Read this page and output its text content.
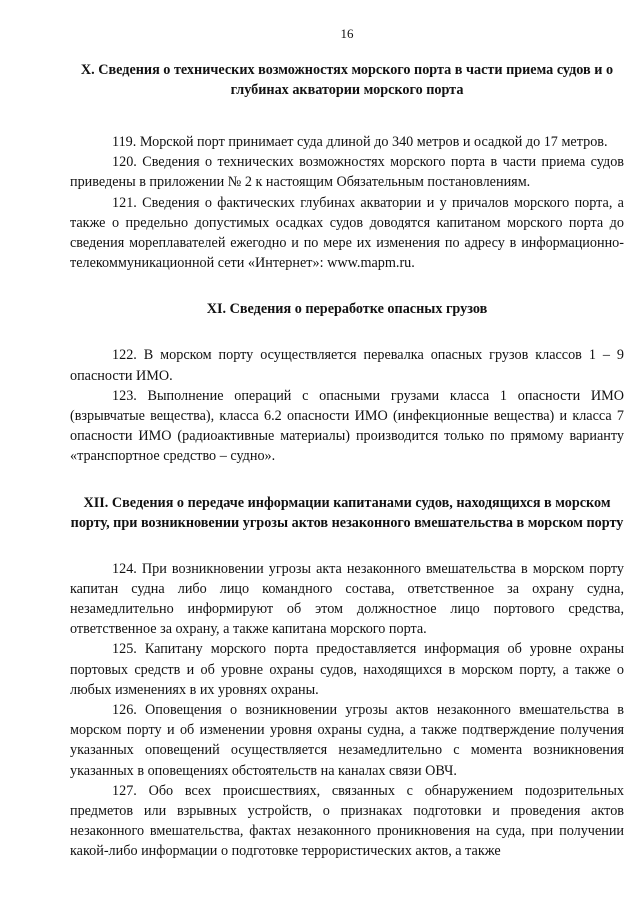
16
X. Сведения о технических возможностях морского порта в части приема судов и о глубинах акватории морского порта

119. Морской порт принимает суда длиной до 340 метров и осадкой до 17 метров.

120. Сведения о технических возможностях морского порта в части приема судов приведены в приложении № 2 к настоящим Обязательным постановлениям.

121. Сведения о фактических глубинах акватории и у причалов морского порта, а также о предельно допустимых осадках судов доводятся капитаном морского порта до сведения мореплавателей ежегодно и по мере их изменения по адресу в информационно-телекоммуникационной сети «Интернет»: www.mapm.ru.

XI. Сведения о переработке опасных грузов

122. В морском порту осуществляется перевалка опасных грузов классов 1 – 9 опасности ИМО.

123. Выполнение операций с опасными грузами класса 1 опасности ИМО (взрывчатые вещества), класса 6.2 опасности ИМО (инфекционные вещества) и класса 7 опасности ИМО (радиоактивные материалы) производится только по прямому варианту «транспортное средство – судно».

XII. Сведения о передаче информации капитанами судов, находящихся в морском порту, при возникновении угрозы актов незаконного вмешательства в морском порту

124. При возникновении угрозы акта незаконного вмешательства в морском порту капитан судна либо лицо командного состава, ответственное за охрану судна, незамедлительно информируют об этом должностное лицо портового средства, ответственное за охрану, а также капитана морского порта.

125. Капитану морского порта предоставляется информация об уровне охраны портовых средств и об уровне охраны судов, находящихся в морском порту, а также о любых изменениях в их уровнях охраны.

126. Оповещения о возникновении угрозы актов незаконного вмешательства в морском порту и об изменении уровня охраны судна, а также подтверждение получения указанных оповещений осуществляется незамедлительно с момента возникновения указанных в оповещениях обстоятельств на каналах связи ОВЧ.

127. Обо всех происшествиях, связанных с обнаружением подозрительных предметов или взрывных устройств, о признаках подготовки и проведения актов незаконного вмешательства, фактах незаконного проникновения на суда, при получении какой-либо информации о подготовке террористических актов, а также
